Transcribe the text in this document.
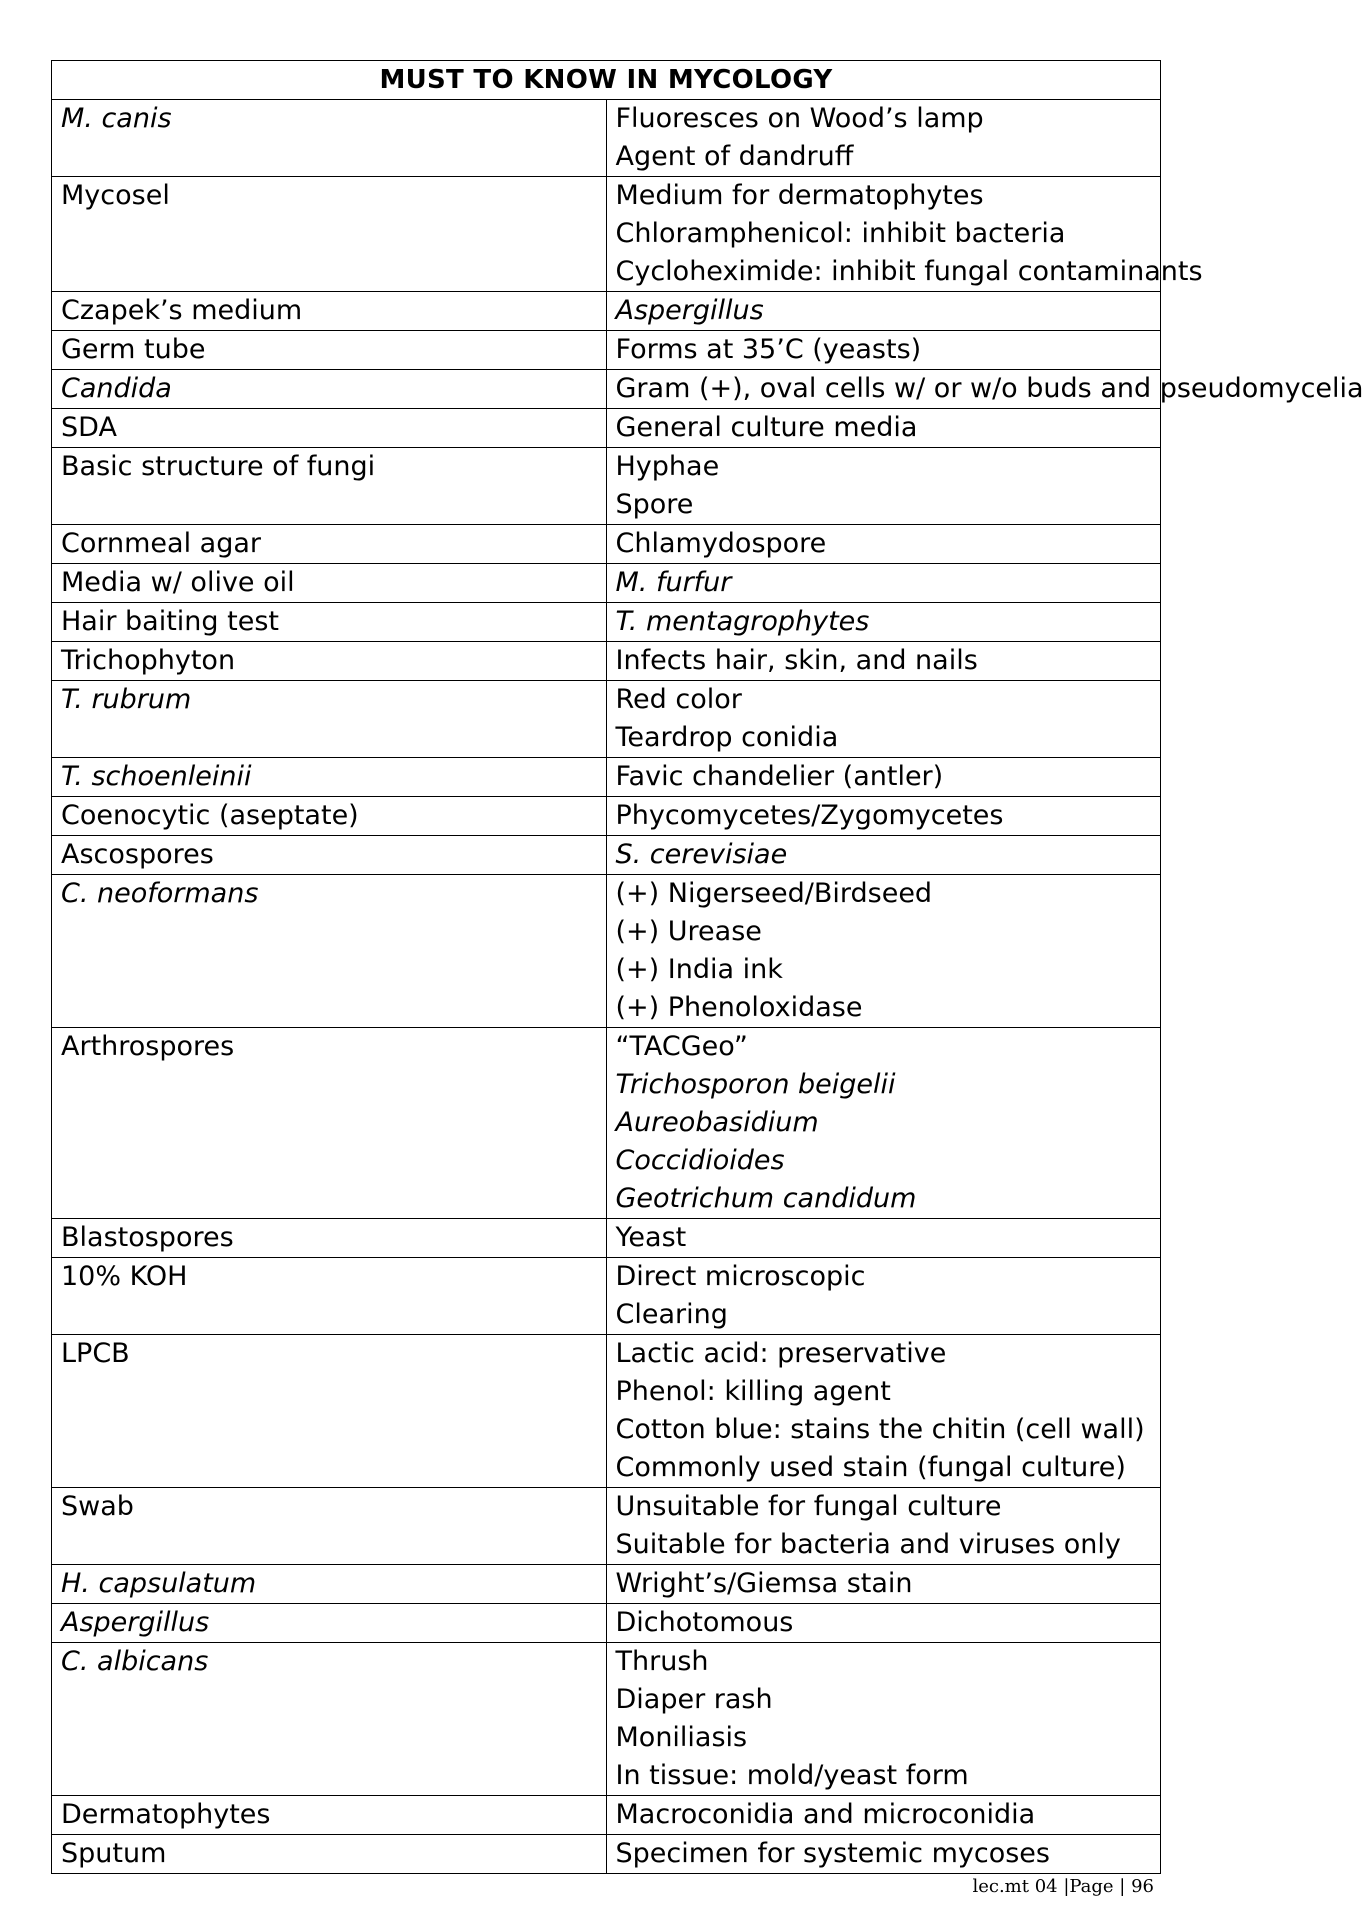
MUST TO KNOW IN MYCOLOGY	
M. canis	Fluoresces on Wood’s lamp
Agent of dandruff

Mycosel	Medium for dermatophytes
Chloramphenicol: inhibit bacteria
Cycloheximide: inhibit fungal contaminants

Czapek’s medium	Aspergillus

Germ tube	Forms at 35’C (yeasts)

Candida	Gram (+), oval cells w/ or w/o buds and pseudomycelia

SDA	General culture media

Basic structure of fungi	Hyphae
Spore

Cornmeal agar	Chlamydospore

Media w/ olive oil	M. furfur

Hair baiting test	T. mentagrophytes

Trichophyton	Infects hair, skin, and nails

T. rubrum	Red color
Teardrop conidia

T. schoenleinii	Favic chandelier (antler)

Coenocytic (aseptate)	Phycomycetes/Zygomycetes

Ascospores	S. cerevisiae

C. neoformans	(+) Nigerseed/Birdseed
(+) Urease
(+) India ink
(+) Phenoloxidase

Arthrospores	“TACGeo”
Trichosporon beigelii
Aureobasidium
Coccidioides
Geotrichum candidum

Blastospores	Yeast

10% KOH	Direct microscopic
Clearing

LPCB	Lactic acid: preservative
Phenol: killing agent
Cotton blue: stains the chitin (cell wall)
Commonly used stain (fungal culture)

Swab	Unsuitable for fungal culture
Suitable for bacteria and viruses only

H. capsulatum	Wright’s/Giemsa stain

Aspergillus	Dichotomous

C. albicans	Thrush
Diaper rash
Moniliasis
In tissue: mold/yeast form

Dermatophytes	Macroconidia and microconidia

Sputum	Specimen for systemic mycoses
lec.mt 04 |Page | 96
